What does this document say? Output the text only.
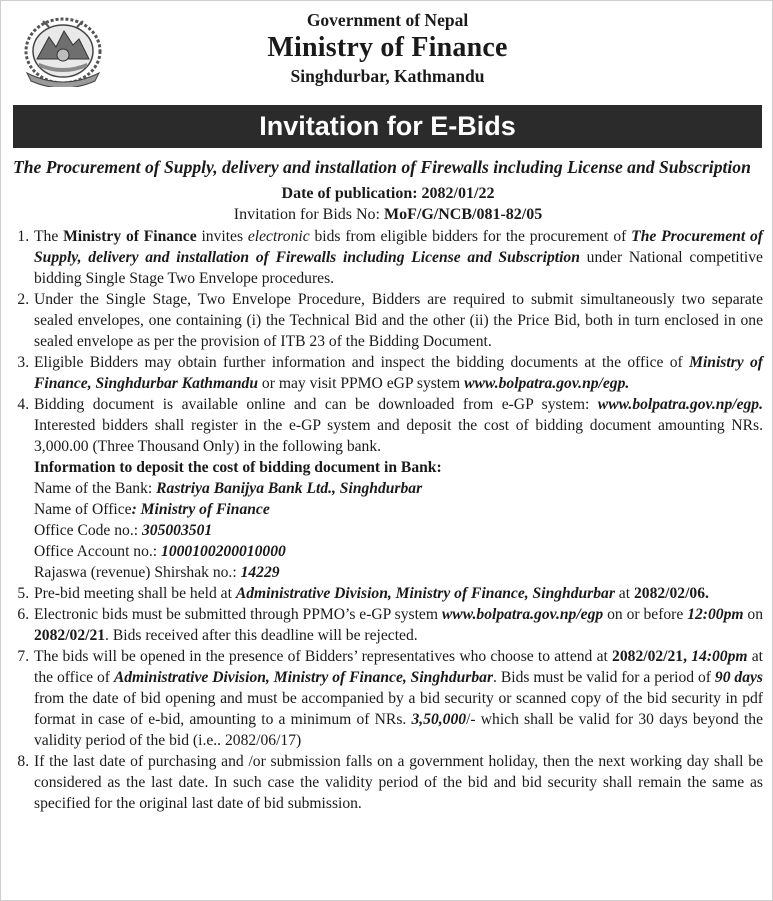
Government of Nepal
Ministry of Finance
Singhdurbar, Kathmandu
Invitation for E-Bids
The Procurement of Supply, delivery and installation of Firewalls including License and Subscription
Date of publication: 2082/01/22
Invitation for Bids No: MoF/G/NCB/081-82/05
1. The Ministry of Finance invites electronic bids from eligible bidders for the procurement of The Procurement of Supply, delivery and installation of Firewalls including License and Subscription under National competitive bidding Single Stage Two Envelope procedures.
2. Under the Single Stage, Two Envelope Procedure, Bidders are required to submit simultaneously two separate sealed envelopes, one containing (i) the Technical Bid and the other (ii) the Price Bid, both in turn enclosed in one sealed envelope as per the provision of ITB 23 of the Bidding Document.
3. Eligible Bidders may obtain further information and inspect the bidding documents at the office of Ministry of Finance, Singhdurbar Kathmandu or may visit PPMO eGP system www.bolpatra.gov.np/egp.
4. Bidding document is available online and can be downloaded from e-GP system: www.bolpatra.gov.np/egp. Interested bidders shall register in the e-GP system and deposit the cost of bidding document amounting NRs. 3,000.00 (Three Thousand Only) in the following bank.
Information to deposit the cost of bidding document in Bank:
Name of the Bank: Rastriya Banijya Bank Ltd., Singhdurbar
Name of Office: Ministry of Finance
Office Code no.: 305003501
Office Account no.: 1000100200010000
Rajaswa (revenue) Shirshak no.: 14229
5. Pre-bid meeting shall be held at Administrative Division, Ministry of Finance, Singhdurbar at 2082/02/06.
6. Electronic bids must be submitted through PPMO’s e-GP system www.bolpatra.gov.np/egp on or before 12:00pm on 2082/02/21. Bids received after this deadline will be rejected.
7. The bids will be opened in the presence of Bidders’ representatives who choose to attend at 2082/02/21, 14:00pm at the office of Administrative Division, Ministry of Finance, Singhdurbar. Bids must be valid for a period of 90 days from the date of bid opening and must be accompanied by a bid security or scanned copy of the bid security in pdf format in case of e-bid, amounting to a minimum of NRs. 3,50,000/- which shall be valid for 30 days beyond the validity period of the bid (i.e.. 2082/06/17)
8. If the last date of purchasing and /or submission falls on a government holiday, then the next working day shall be considered as the last date. In such case the validity period of the bid and bid security shall remain the same as specified for the original last date of bid submission.
